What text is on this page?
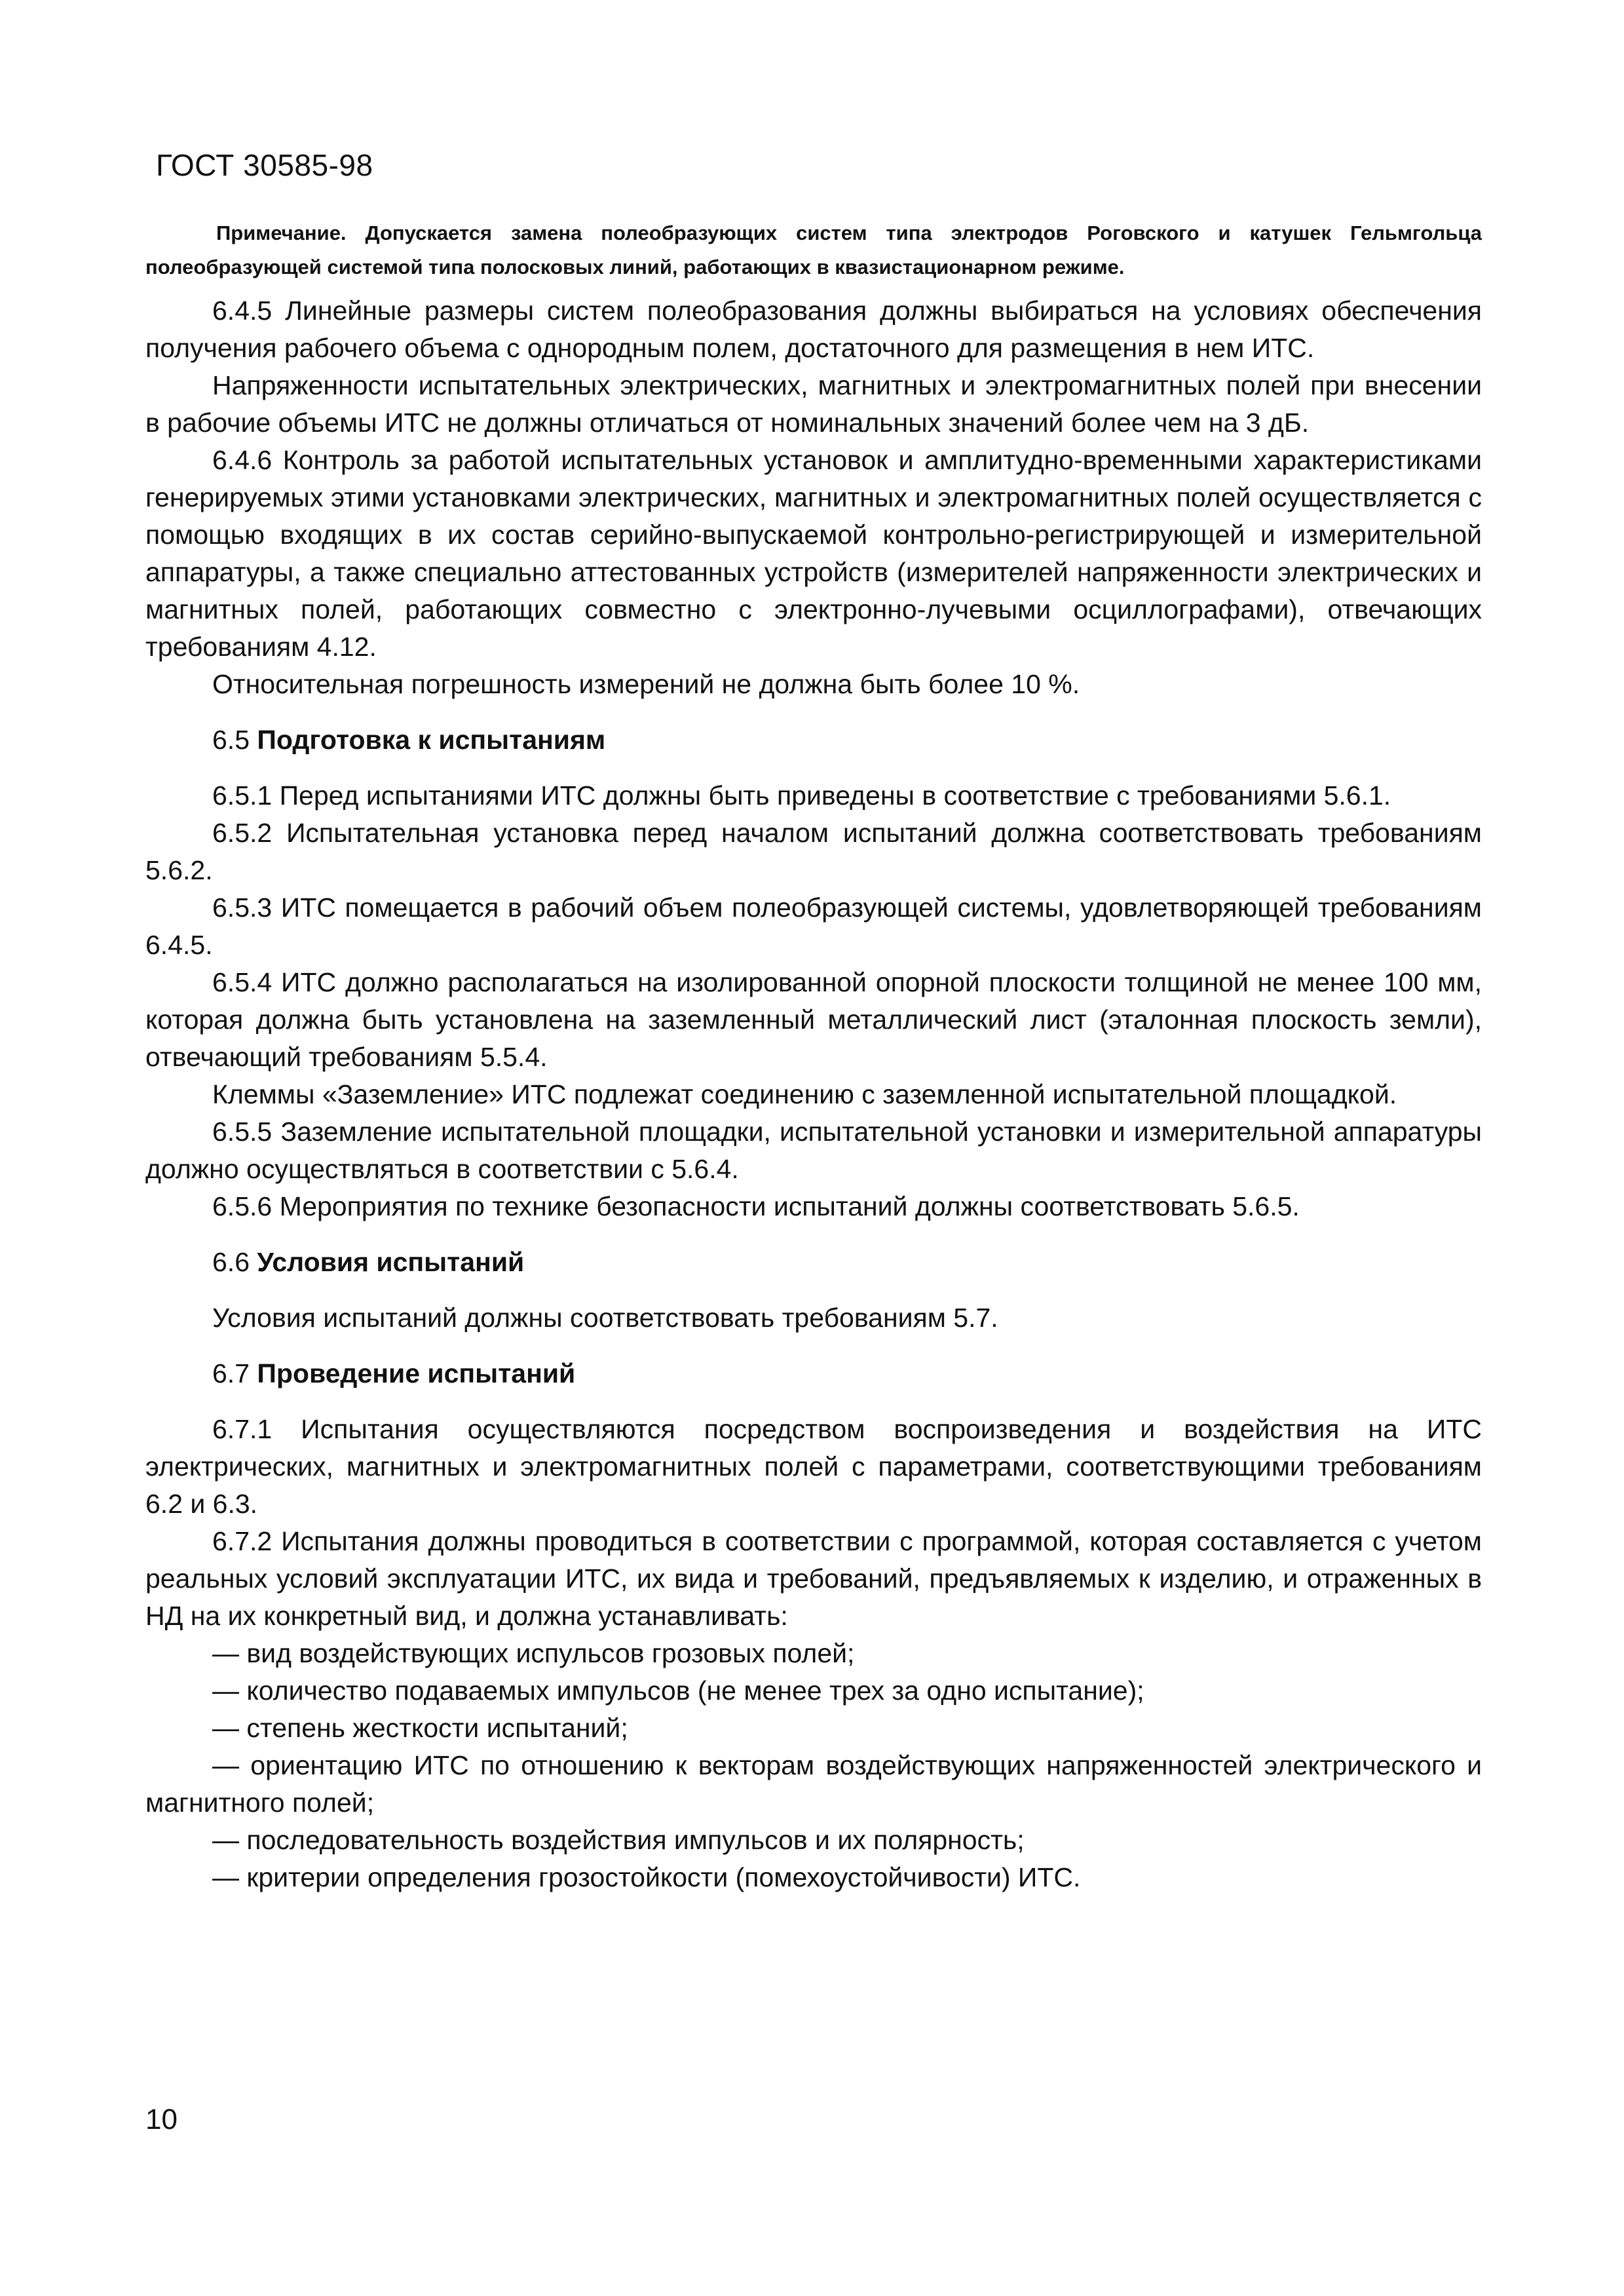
ГОСТ 30585-98

Примечание. Допускается замена полеобразующих систем типа электродов Роговского и катушек Гельмгольца полеобразующей системой типа полосковых линий, работающих в квазистационарном режиме.

6.4.5 Линейные размеры систем полеобразования должны выбираться на условиях обеспечения получения рабочего объема с однородным полем, достаточного для размещения в нем ИТС.

Напряженности испытательных электрических, магнитных и электромагнитных полей при внесении в рабочие объемы ИТС не должны отличаться от номинальных значений более чем на 3 дБ.

6.4.6 Контроль за работой испытательных установок и амплитудно-временными характеристиками генерируемых этими установками электрических, магнитных и электромагнитных полей осуществляется с помощью входящих в их состав серийно-выпускаемой контрольно-регистрирующей и измерительной аппаратуры, а также специально аттестованных устройств (измерителей напряженности электрических и магнитных полей, работающих совместно с электронно-лучевыми осциллографами), отвечающих требованиям 4.12.

Относительная погрешность измерений не должна быть более 10 %.

6.5 Подготовка к испытаниям

6.5.1 Перед испытаниями ИТС должны быть приведены в соответствие с требованиями 5.6.1.

6.5.2 Испытательная установка перед началом испытаний должна соответствовать требованиям 5.6.2.

6.5.3 ИТС помещается в рабочий объем полеобразующей системы, удовлетворяющей требованиям 6.4.5.

6.5.4 ИТС должно располагаться на изолированной опорной плоскости толщиной не менее 100 мм, которая должна быть установлена на заземленный металлический лист (эталонная плоскость земли), отвечающий требованиям 5.5.4.

Клеммы «Заземление» ИТС подлежат соединению с заземленной испытательной площадкой.

6.5.5 Заземление испытательной площадки, испытательной установки и измерительной аппаратуры должно осуществляться в соответствии с 5.6.4.

6.5.6 Мероприятия по технике безопасности испытаний должны соответствовать 5.6.5.

6.6 Условия испытаний

Условия испытаний должны соответствовать требованиям 5.7.

6.7 Проведение испытаний

6.7.1 Испытания осуществляются посредством воспроизведения и воздействия на ИТС электрических, магнитных и электромагнитных полей с параметрами, соответствующими требованиям 6.2 и 6.3.

6.7.2 Испытания должны проводиться в соответствии с программой, которая составляется с учетом реальных условий эксплуатации ИТС, их вида и требований, предъявляемых к изделию, и отраженных в НД на их конкретный вид, и должна устанавливать:

— вид воздействующих испульсов грозовых полей;

— количество подаваемых импульсов (не менее трех за одно испытание);

— степень жесткости испытаний;

— ориентацию ИТС по отношению к векторам воздействующих напряженностей электрического и магнитного полей;

— последовательность воздействия импульсов и их полярность;

— критерии определения грозостойкости (помехоустойчивости) ИТС.

10
